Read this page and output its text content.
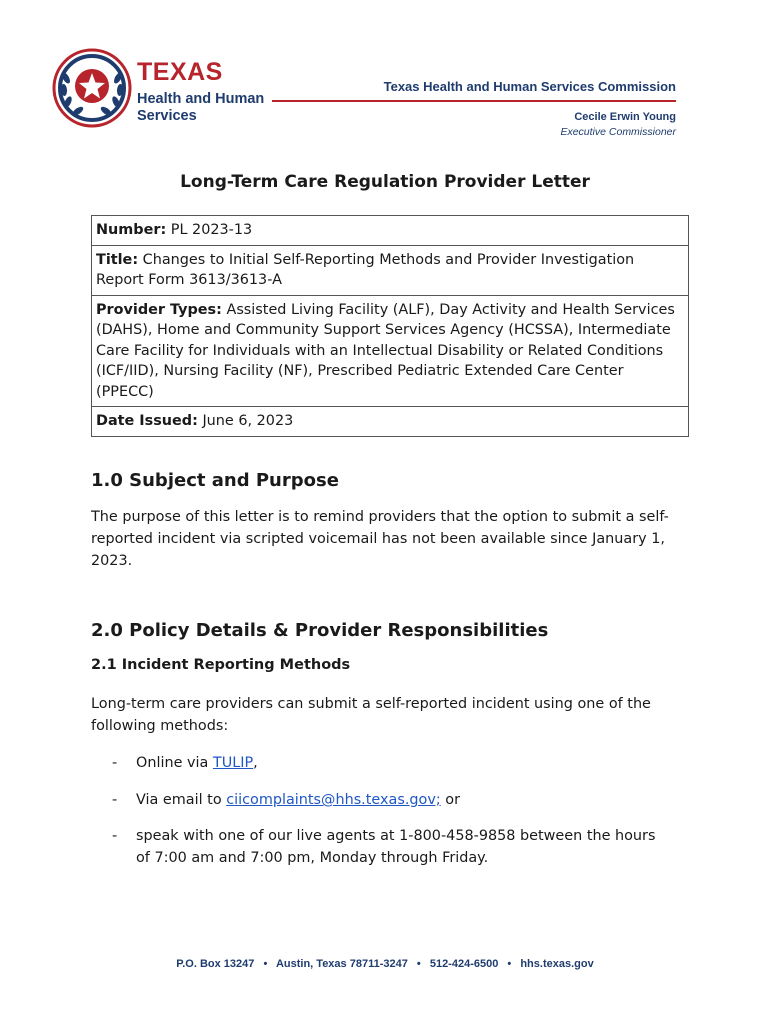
TEXAS
Health and Human Services
Texas Health and Human Services Commission
Cecile Erwin Young
Executive Commissioner
Long-Term Care Regulation Provider Letter
Number: PL 2023-13
Title: Changes to Initial Self-Reporting Methods and Provider Investigation Report Form 3613/3613-A
Provider Types: Assisted Living Facility (ALF), Day Activity and Health Services (DAHS), Home and Community Support Services Agency (HCSSA), Intermediate Care Facility for Individuals with an Intellectual Disability or Related Conditions (ICF/IID), Nursing Facility (NF), Prescribed Pediatric Extended Care Center (PPECC)
Date Issued: June 6, 2023
1.0 Subject and Purpose
The purpose of this letter is to remind providers that the option to submit a self-reported incident via scripted voicemail has not been available since January 1, 2023.
2.0 Policy Details & Provider Responsibilities
2.1 Incident Reporting Methods
Long-term care providers can submit a self-reported incident using one of the following methods:
- Online via TULIP,
- Via email to ciicomplaints@hhs.texas.gov; or
- speak with one of our live agents at 1-800-458-9858 between the hours of 7:00 am and 7:00 pm, Monday through Friday.
P.O. Box 13247 • Austin, Texas 78711-3247 • 512-424-6500 • hhs.texas.gov
